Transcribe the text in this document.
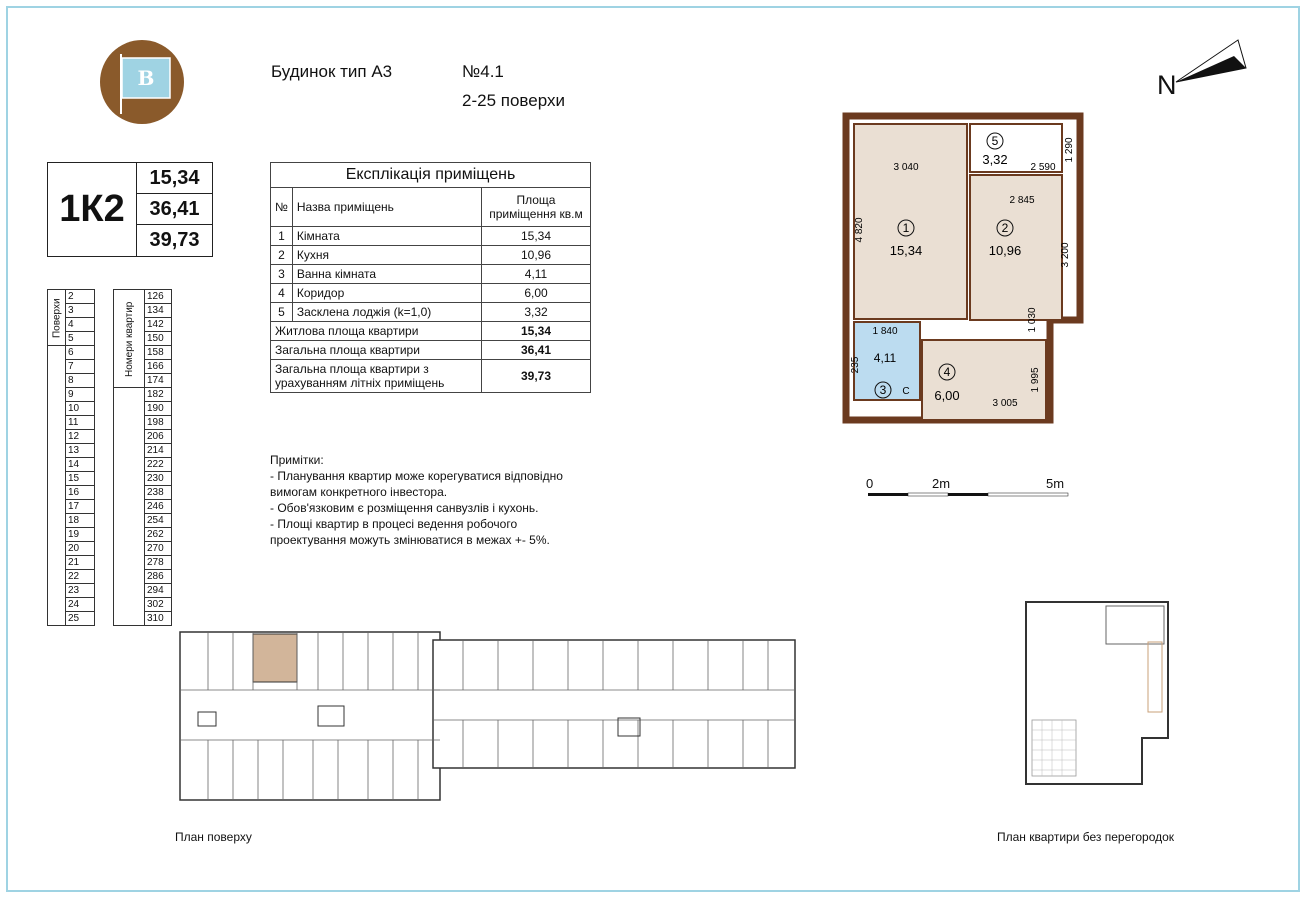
B	Будинок тип А3	№4.1
2-25 поверхи
N
1К2
15,34
36,41
39,73
Експлікація приміщень
№	Назва приміщень	Площа приміщення кв.м
1	Кімната	15,34
2	Кухня	10,96
3	Ванна кімната	4,11
4	Коридор	6,00
5	Засклена лоджія (k=1,0)	3,32
Житлова площа квартири		15,34
Загальна площа квартири		36,41
Загальна площа квартири з урахуванням літніх приміщень		39,73
Поверхи	2		Номери квартир	126
	3			134
	4			142
	5			150
	6			158
	7			166
	8			174
	9			182
	10			190
	11			198
	12			206
	13			214
	14			222
	15			230
	16			238
	17			246
	18			254
	19			262
	20			270
	21			278
	22			286
	23			294
	24			302
	25			310
Примітки:
- Планування квартир може корегуватися відповідно
вимогам конкретного інвестора.
- Обов'язковим є розміщення санвузлів і кухонь.
- Площі квартир в процесі ведення робочого
проектування можуть змінюватися в межах +- 5%.
3 040	2 590
1 290
2 845
4 820
3 200
1 840	1 030
235
1 995
3 005
1
15,34
2
10,96
3
4,11
С
4
6,00
5
3,32
0	2m	5m
План поверху	План квартири без перегородок
